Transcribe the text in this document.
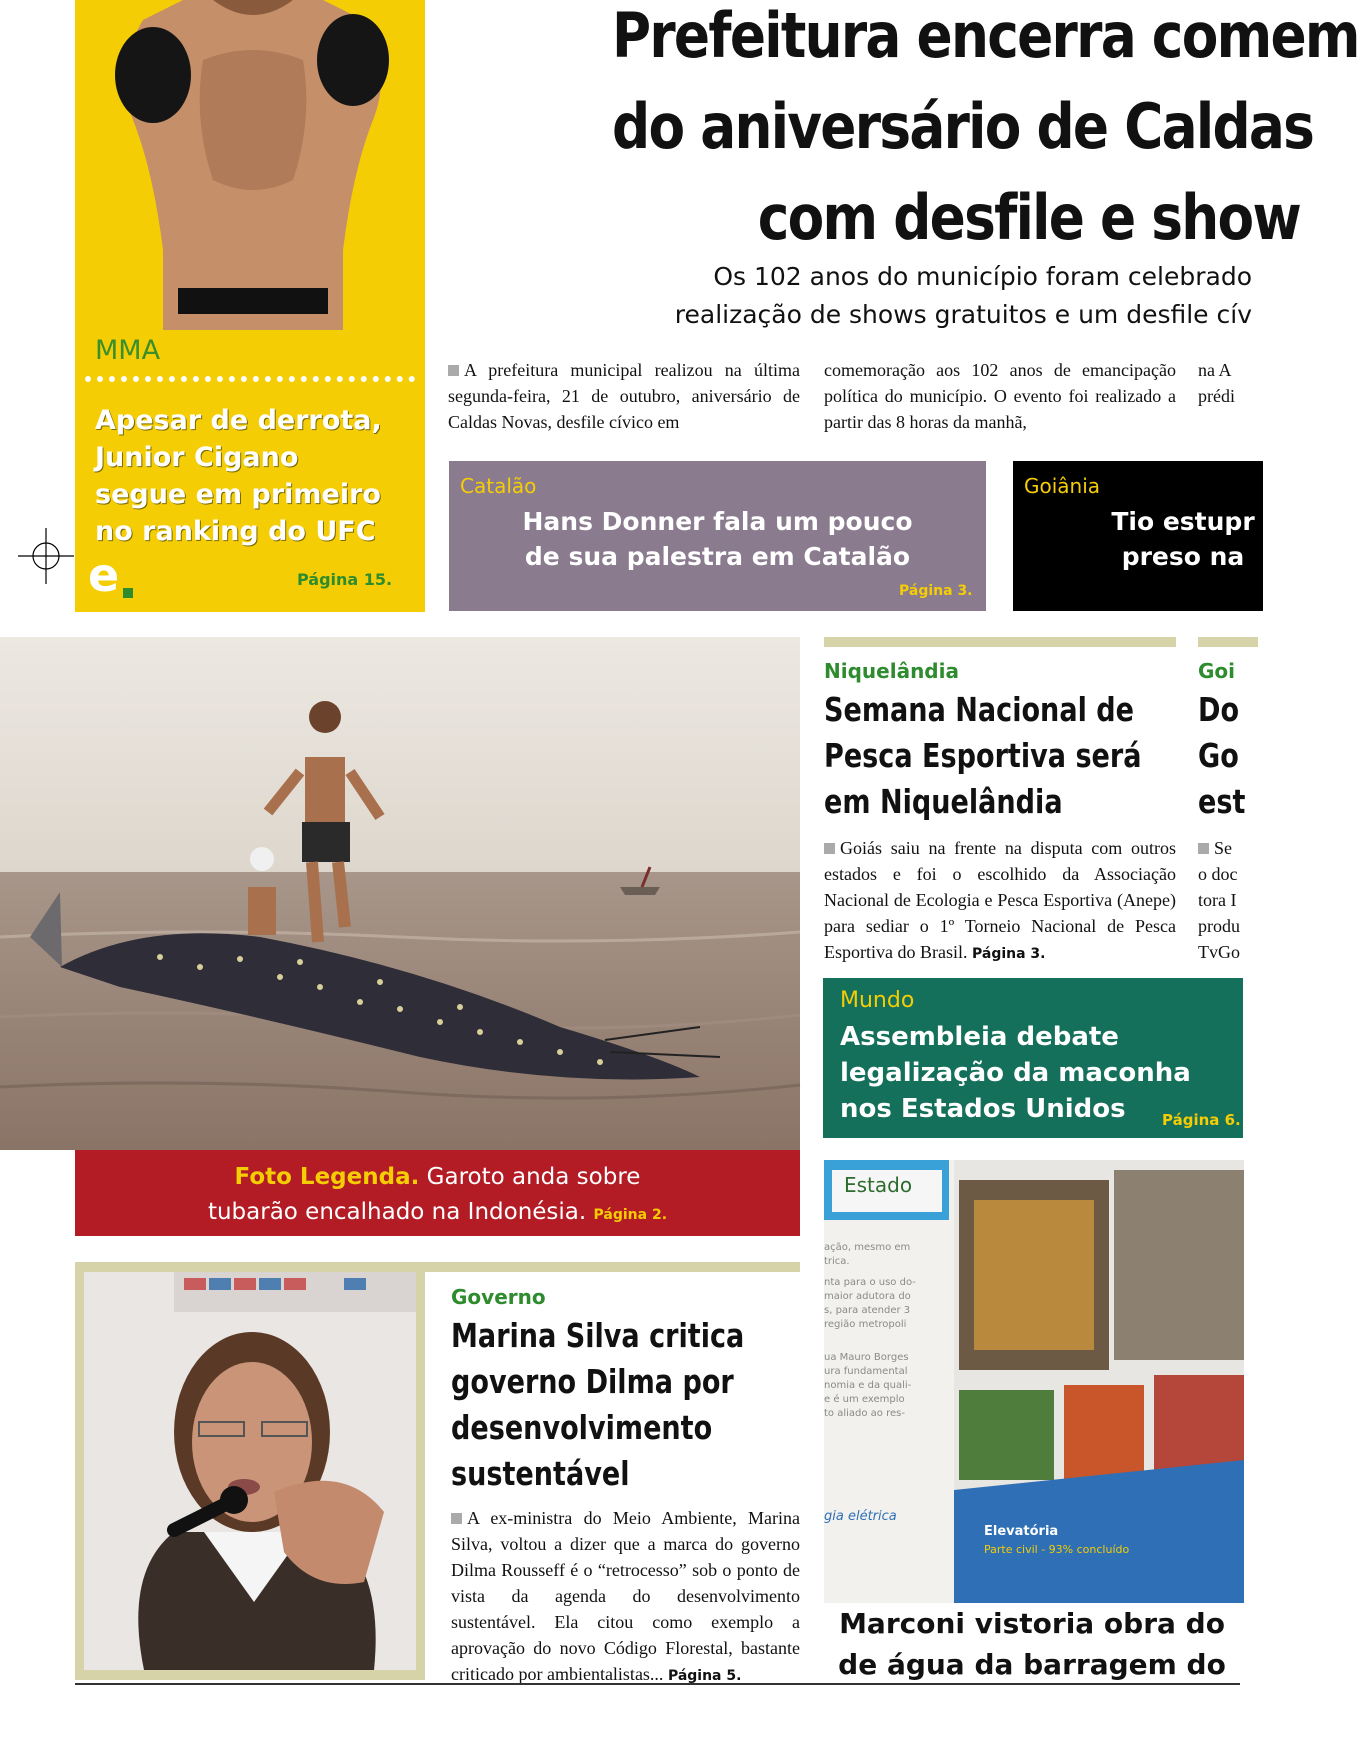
MMA
Apesar de derrota,
Junior Cigano
segue em primeiro
no ranking do UFC
e	Página 15.
Prefeitura encerra comem
do aniversário de Caldas
com desfile e show
Os 102 anos do município foram celebrado
realização de shows gratuitos e um desfile cív
A prefeitura municipal realizou na última segunda-feira, 21 de outubro, aniversário de Caldas Novas, desfile cívico em
comemoração aos 102 anos de emancipação política do município. O evento foi realizado a partir das 8 horas da manhã,
na A
prédi
Catalão
Hans Donner fala um pouco
de sua palestra em Catalão
Página 3.
Goiânia
Tio estupr
preso na
Foto Legenda. Garoto anda sobre
tubarão encalhado na Indonésia. Página 2.
Niquelândia
Semana Nacional de
Pesca Esportiva será
em Niquelândia
Goiás saiu na frente na disputa com outros estados e foi o escolhido da Associação Nacional de Ecologia e Pesca Esportiva (Anepe) para sediar o 1º Torneio Nacional de Pesca Esportiva do Brasil. Página 3.
Goi
Do
Go
est
Se
o doc
tora I
produ
TvGo
Mundo
Assembleia debate
legalização da maconha
nos Estados Unidos	Página 6.
ação, mesmo em
trica.
nta para o uso do-
maior adutora do
s, para atender 3
região metropoli
ua Mauro Borges
ura fundamental
nomia e da quali-
e é um exemplo
to aliado ao res-
Elevatória
Parte civil - 93% concluído
gia elétrica
Estado
Marconi vistoria obra do
de água da barragem do
Governo
Marina Silva critica
governo Dilma por
desenvolvimento
sustentável
A ex-ministra do Meio Ambiente, Marina Silva, voltou a dizer que a marca do governo Dilma Rousseff é o “retrocesso” sob o ponto de vista da agenda do desenvolvimento sustentável. Ela citou como exemplo a aprovação do novo Código Florestal, bastante criticado por ambientalistas... Página 5.
